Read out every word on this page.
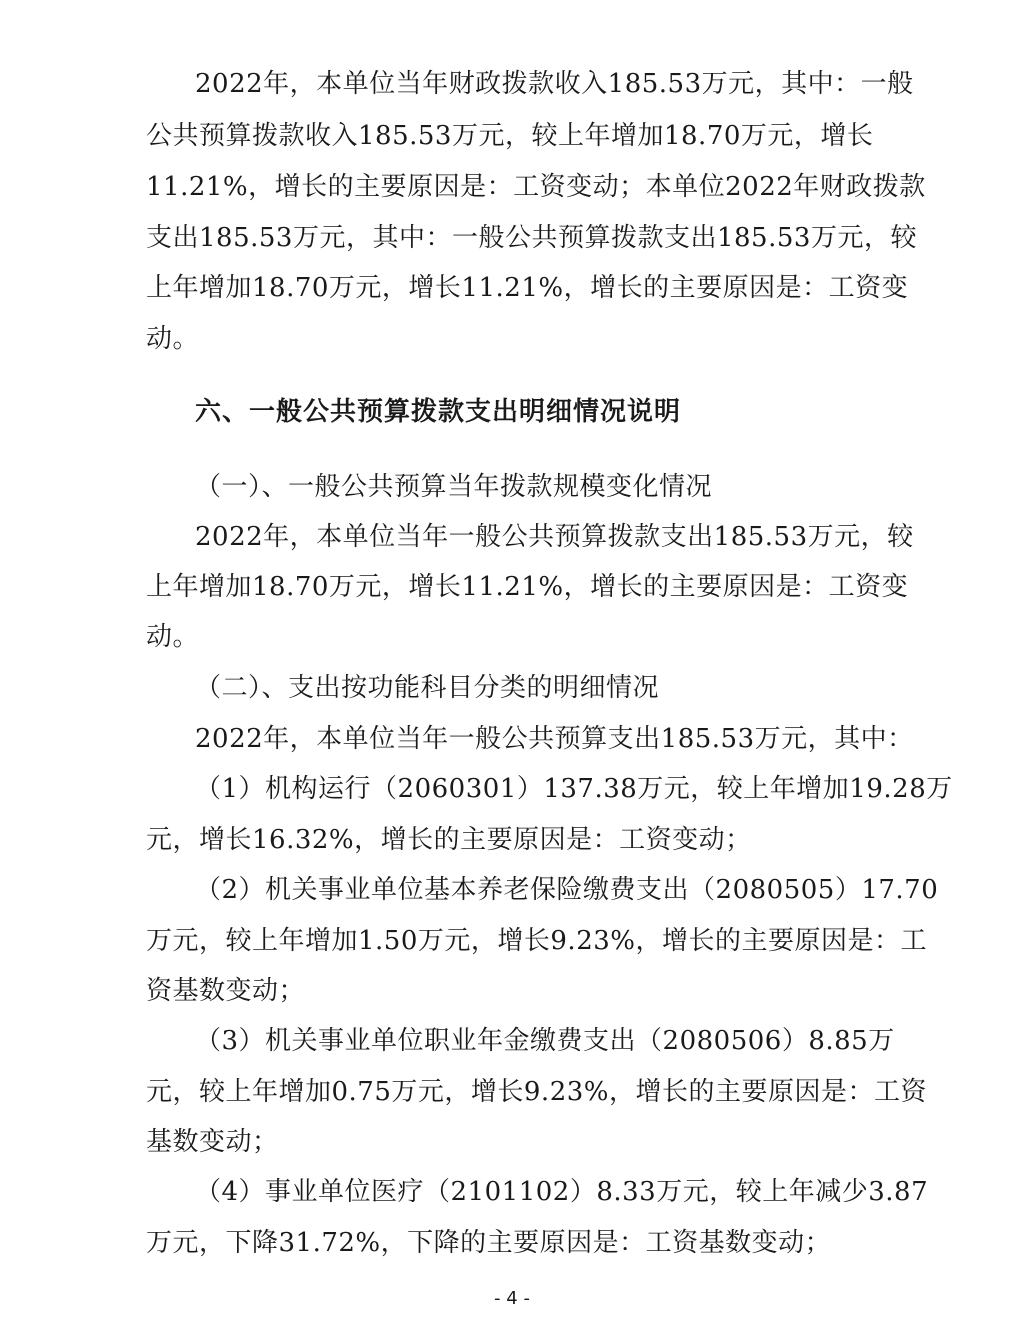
2022年，本单位当年财政拨款收入185.53万元，其中：一般
公共预算拨款收入185.53万元，较上年增加18.70万元，增长
11.21%，增长的主要原因是：工资变动；本单位2022年财政拨款
支出185.53万元，其中：一般公共预算拨款支出185.53万元，较
上年增加18.70万元，增长11.21%，增长的主要原因是：工资变
动。
六、一般公共预算拨款支出明细情况说明
（一）、一般公共预算当年拨款规模变化情况
2022年，本单位当年一般公共预算拨款支出185.53万元，较
上年增加18.70万元，增长11.21%，增长的主要原因是：工资变
动。
（二）、支出按功能科目分类的明细情况
2022年，本单位当年一般公共预算支出185.53万元，其中：
（1）机构运行（2060301）137.38万元，较上年增加19.28万
元，增长16.32%，增长的主要原因是：工资变动；
（2）机关事业单位基本养老保险缴费支出（2080505）17.70
万元，较上年增加1.50万元，增长9.23%，增长的主要原因是：工
资基数变动；
（3）机关事业单位职业年金缴费支出（2080506）8.85万
元，较上年增加0.75万元，增长9.23%，增长的主要原因是：工资
基数变动；
（4）事业单位医疗（2101102）8.33万元，较上年减少3.87
万元，下降31.72%，下降的主要原因是：工资基数变动；
- 4 -
